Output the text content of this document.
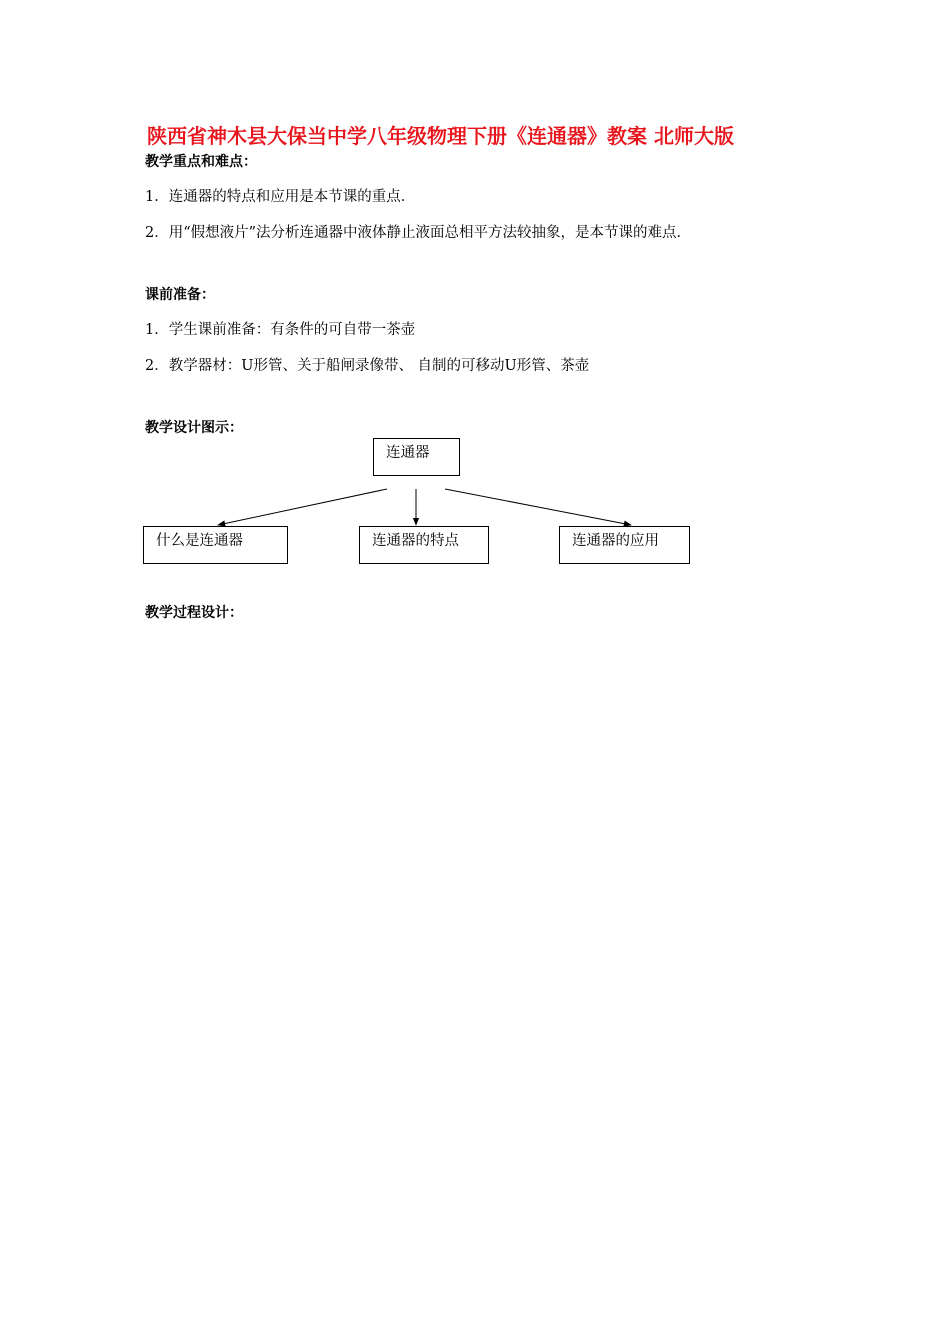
陕西省神木县大保当中学八年级物理下册《连通器》教案 北师大版
教学重点和难点：
1．连通器的特点和应用是本节课的重点．
2．用“假想液片”法分析连通器中液体静止液面总相平方法较抽象，是本节课的难点．
课前准备：
1．学生课前准备：有条件的可自带一茶壶
2．教学器材：U形管、关于船闸录像带、 自制的可移动U形管、茶壶
教学设计图示：
连通器
什么是连通器	连通器的特点	连通器的应用
教学过程设计：
